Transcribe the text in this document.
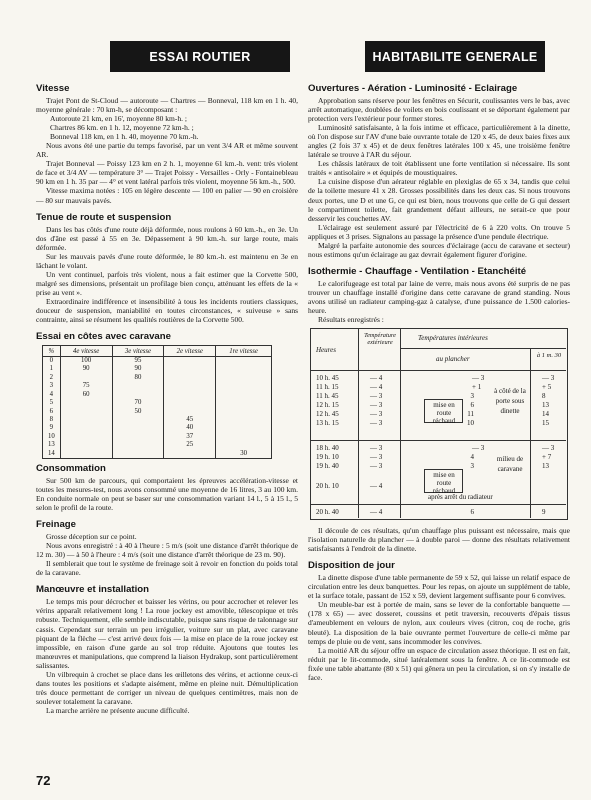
ESSAI ROUTIER	HABITABILITE GENERALE
Vitesse

Trajet Pont de St-Cloud — autoroute — Chartres — Bonneval, 118 km en 1 h. 40, moyenne générale : 70 km-h, se décomposant :

Autoroute 21 km, en 16', moyenne 80 km-h. ;

Chartres 86 km. en 1 h. 12, moyenne 72 km-h. ;

Bonneval 118 km, en 1 h. 40, moyenne 70 km.-h.

Nous avons été une partie du temps favorisé, par un vent 3/4 AR et même souvent AR.

Trajet Bonneval — Poissy 123 km en 2 h. 1, moyenne 61 km.-h. vent: très violent de face et 3/4 AV — température 3° — Trajet Poissy - Versailles - Orly - Fontainebleau 90 km en 1 h. 35 par — 4° et vent latéral parfois très violent, moyenne 56 km.-h., 500.

Vitesse maxima notées : 105 en légère descente — 100 en palier — 90 en croisière — 80 sur mauvais pavés.

Tenue de route et suspension

Dans les bas côtés d'une route déjà déformée, nous roulons à 60 km.-h., en 3e. Un dos d'âne est passé à 55 en 3e. Dépassement à 90 km.-h. sur large route, mais déformée.

Sur les mauvais pavés d'une route déformée, le 80 km.-h. est maintenu en 3e en lâchant le volant.

Un vent continuel, parfois très violent, nous a fait estimer que la Corvette 500, malgré ses dimensions, présentait un profilage bien conçu, atténuant les effets de la « prise au vent ».

Extraordinaire indifférence et insensibilité à tous les incidents routiers classiques, douceur de suspension, maniabilité en toutes circonstances, « suiveuse » sans contrainte, ainsi se résument les qualités routières de la Corvette 500.

Essai en côtes avec caravane
%	4e vitesse	3e vitesse	2e vitesse	1re vitesse
0	100	95		
1	90	90		
2		80		
3	75			
4	60			
5		70		
6		50		
8			45	
9			40	
10			37	
13			25	
14				30
Consommation

Sur 500 km de parcours, qui comportaient les épreuves accélération-vitesse et toutes les mesures-test, nous avons consommé une moyenne de 16 litres, 3 au 100 km. En conduite normale on peut se baser sur une consommation variant 14 l., 5 à 15 l., 5 selon le profil de la route.

Freinage

Grosse déception sur ce point.

Nous avons enregistré : à 40 à l'heure : 5 m/s (soit une distance d'arrêt théorique de 12 m. 30) — à 50 à l'heure : 4 m/s (soit une distance d'arrêt théorique de 23 m. 90).

Il semblerait que tout le système de freinage soit à revoir en fonction du poids total de la caravane.

Manœuvre et installation

Le temps mis pour décrocher et baisser les vérins, ou pour accrocher et relever les vérins apparaît relativement long ! La roue jockey est amovible, télescopique et très robuste. Techniquement, elle semble indiscutable, puisque sans risque de talonnage sur cassis. Cependant sur terrain un peu irrégulier, voiture sur un plat, avec caravane piquant de la flèche — c'est arrivé deux fois — la mise en place de la roue jockey est impossible, en raison d'une garde au sol trop réduite. Ajoutons que toutes les manœuvres et manipulations, que comprend la liaison Hydrakup, sont particulièrement salissantes.

Un vilbrequin à crochet se place dans les œilletons des vérins, et actionne ceux-ci dans toutes les positions et s'adapte aisément, même en pleine nuit. Démultiplication très douce permettant de corriger un niveau de quelques centimètres, mais non de soulever totalement la caravane.

La marche arrière ne présente aucune difficulté.

Ouvertures - Aération - Luminosité - Eclairage

Approbation sans réserve pour les fenêtres en Sécurit, coulissantes vers le bas, avec arrêt automatique, doublées de voilets en bois coulissant et se déportant également par protection vers l'extérieur pour former stores.

Luminosité satisfaisante, à la fois intime et efficace, particulièrement à la dinette, où l'on dispose sur l'AV d'une baie ouvrante totale de 120 x 45, de deux baies fixes aux angles (2 fois 37 x 45) et de deux fenêtres latérales 100 x 45, une troisième fenêtre latérale se trouve à l'AR du séjour.

Les châssis latéraux de toit établissent une forte ventilation si nécessaire. Ils sont traités « antisolaire » et équipés de moustiquaires.

La cuisine dispose d'un aérateur réglable en plexiglas de 65 x 34, tandis que celui de la toilette mesure 41 x 28. Grosses possibilités dans les deux cas. Si nous trouvons deux portes, une D et une G, ce qui est bien, nous trouvons que celle de G qui dessert le compartiment toilette, fait grandement défaut ailleurs, ne serait-ce que pour desservir les couchettes AV.

L'éclairage est seulement assuré par l'électricité de 6 à 220 volts. On trouve 5 appliques et 3 prises. Signalons au passage la présence d'une pendule électrique.

Malgré la parfaite autonomie des sources d'éclairage (accu de caravane et secteur) nous estimons qu'un éclairage au gaz devrait également figurer d'origine.

Isothermie - Chauffage - Ventilation - Etanchéité

Le calorifugeage est total par laine de verre, mais nous avons été surpris de ne pas trouver un chauffage installé d'origine dans cette caravane de grand standing. Nous avons utilisé un radiateur camping-gaz à catalyse, d'une puissance de 1.500 calories-heure.

Résultats enregistrés :

Heures
Température extérieure
Températures intérieures
au plancher	à 1 m. 30
mise en route réchaud
mise en route réchaud
à côté de la porte sous dinette
milieu de caravane
après arrêt du radiateur
10 h. 45	— 4	— 3	— 3
11 h. 15	— 4	+ 1	+ 5
11 h. 45	— 3	3	8
12 h. 15	— 3	6	13
12 h. 45	— 3	11	14
13 h. 15	— 3	10	15
18 h. 40	— 3	— 3	— 3
19 h. 10	— 3	4	+ 7
19 h. 40	— 3	3	13
20 h. 10	— 4
20 h. 40	— 4	6	9

Il découle de ces résultats, qu'un chauffage plus puissant est nécessaire, mais que l'isolation naturelle du plancher — à double paroi — donne des résultats relativement satisfaisants à l'endroit de la dinette.

Disposition de jour

La dinette dispose d'une table permanente de 59 x 52, qui laisse un relatif espace de circulation entre les deux banquettes. Pour les repas, on ajoute un supplément de table, et la surface totale, passant de 152 x 59, devient largement suffisante pour 6 convives.

Un meuble-bar est à portée de main, sans se lever de la confortable banquette — (178 x 65) — avec dosseret, coussins et petit traversin, recouverts d'épais tissus d'ameublement en velours de nylon, aux couleurs vives (citron, coq de roche, gris bleuté). La disposition de la baie ouvrante permet l'ouverture de celle-ci même par temps de pluie ou de vent, sans incommoder les convives.

La moitié AR du séjour offre un espace de circulation assez théorique. Il est en fait, réduit par le lit-commode, situé latéralement sous la fenêtre. A ce lit-commode est fixée une table abattante (80 x 51) qui gênera un peu la circulation, si on s'y installe de face.

72
